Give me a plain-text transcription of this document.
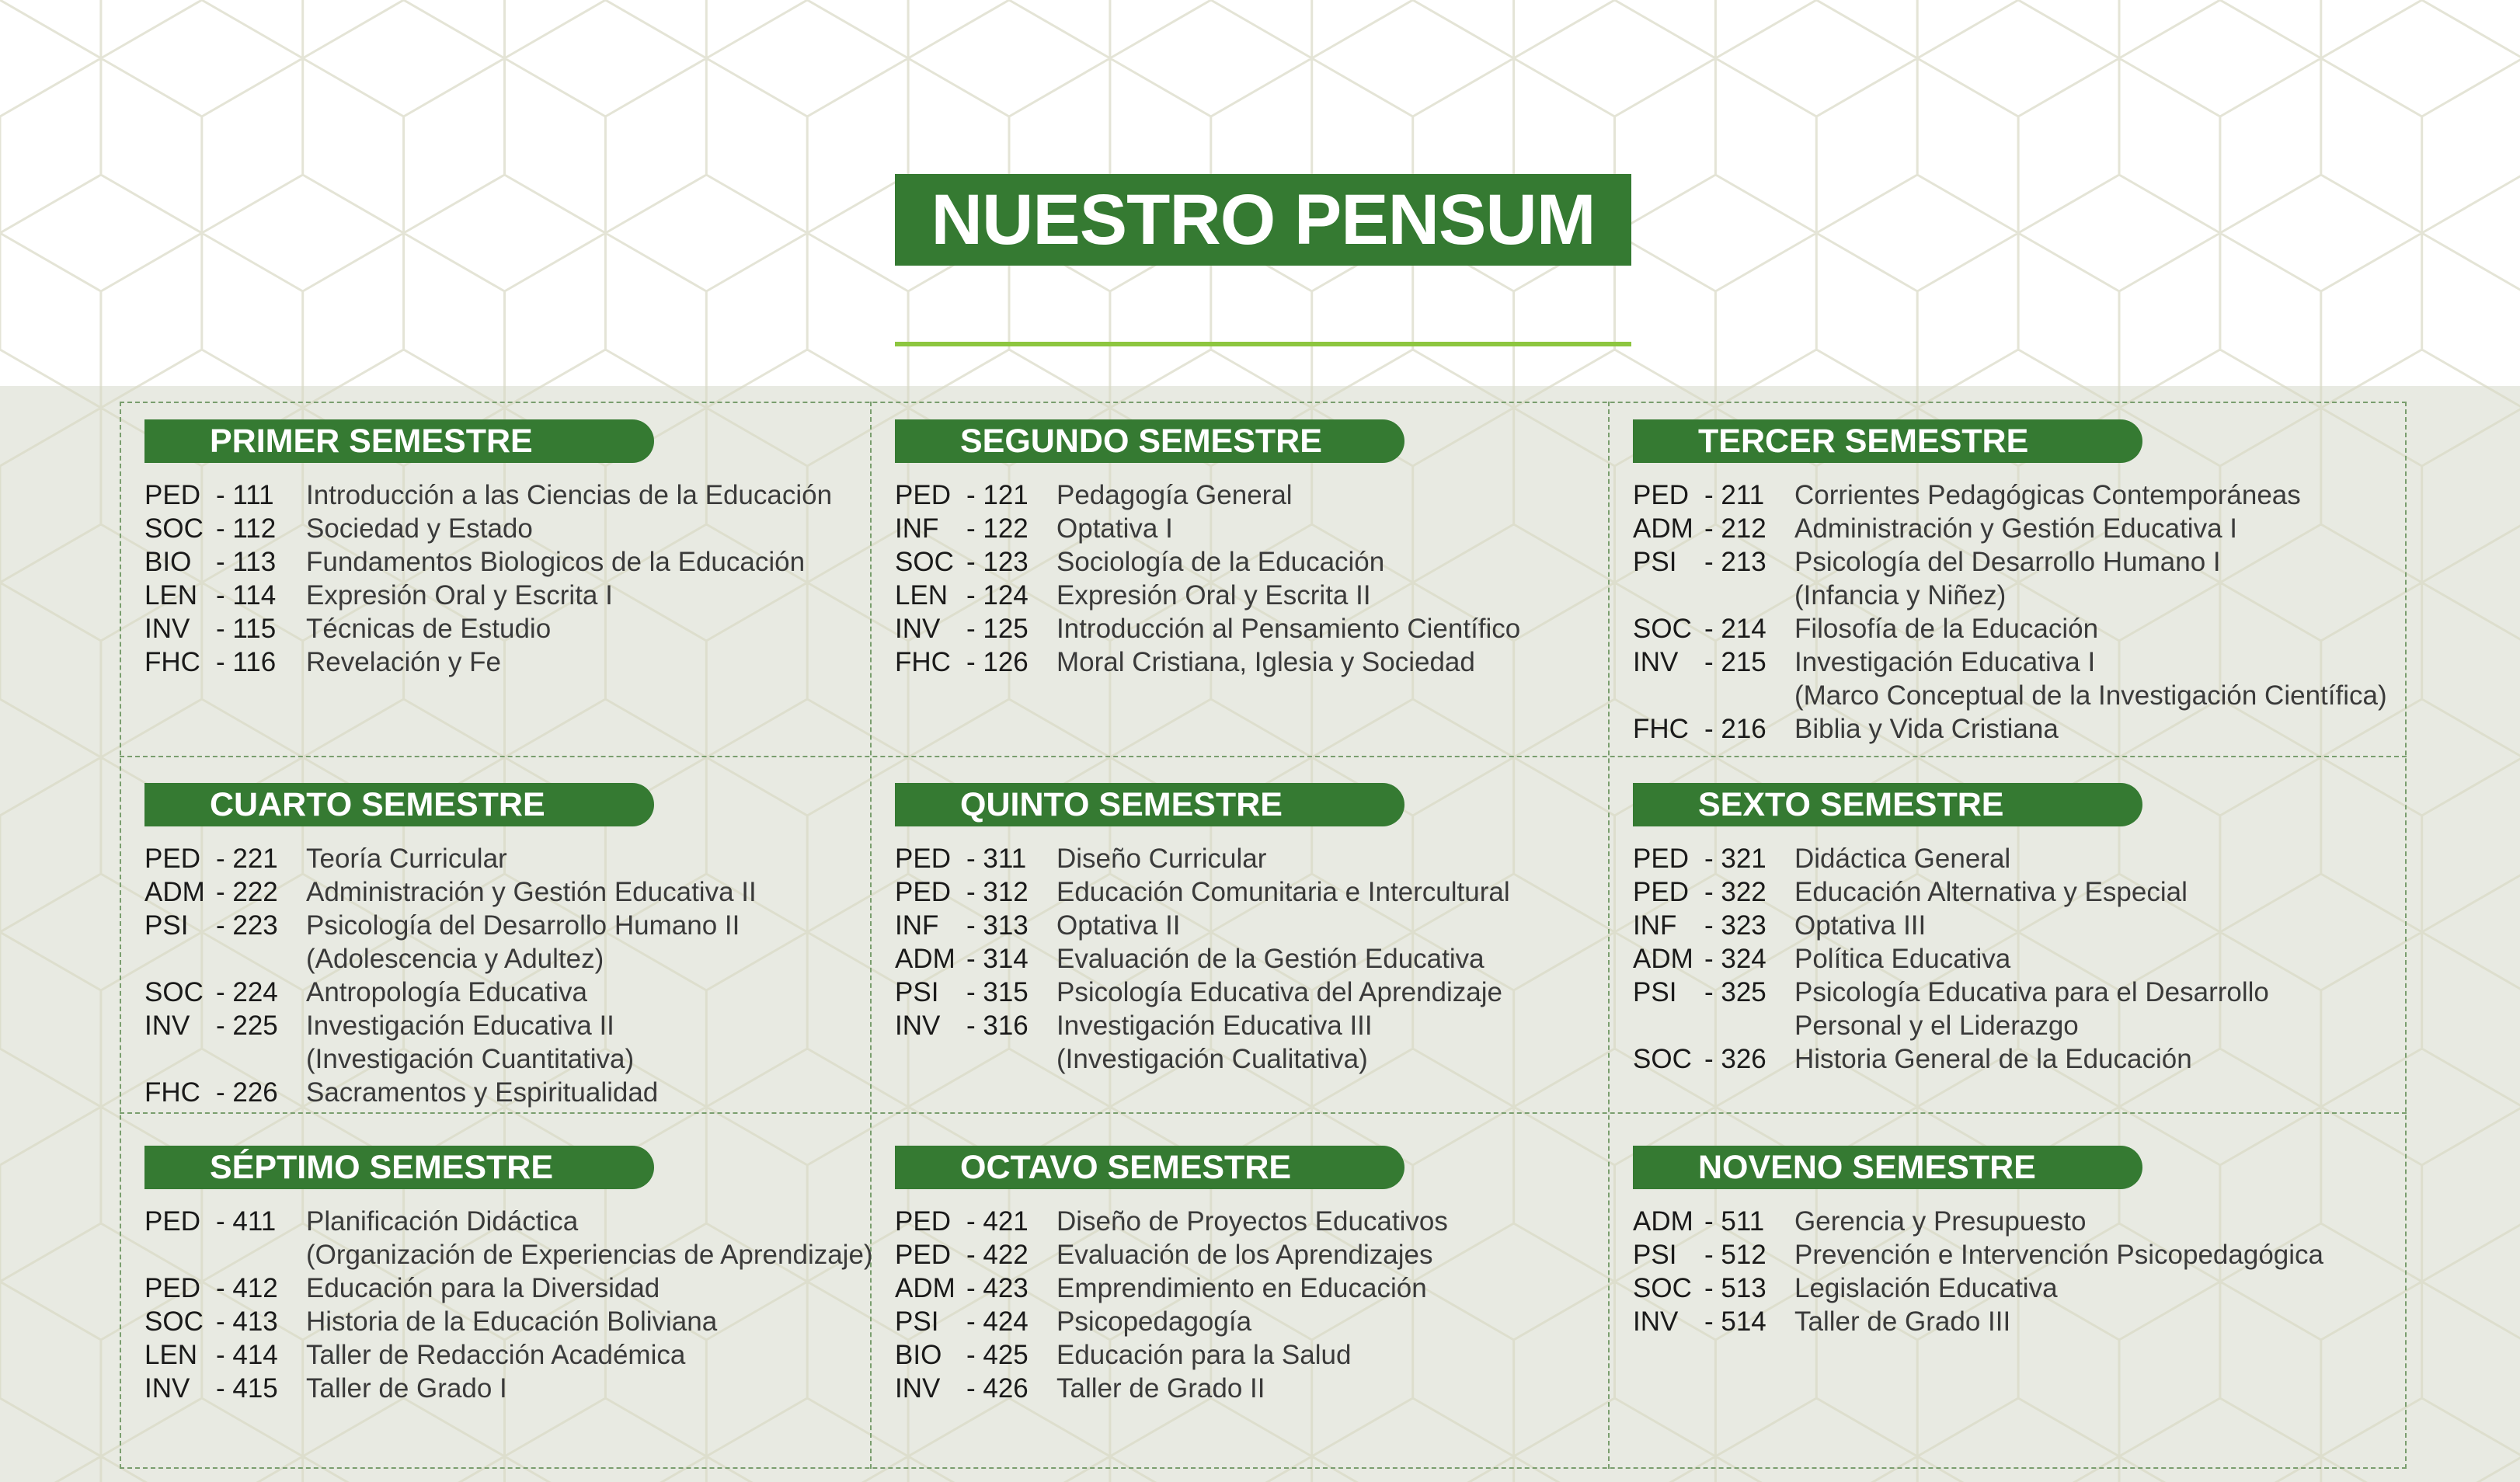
NUESTRO PENSUM
PRIMER SEMESTRE
PED - 111	Introducción a las Ciencias de la Educación
SOC - 112	Sociedad y Estado
BIO - 113	Fundamentos Biologicos de la Educación
LEN - 114	Expresión Oral y Escrita I
INV - 115	Técnicas de Estudio
FHC - 116	Revelación y Fe
SEGUNDO SEMESTRE
PED - 121	Pedagogía General
INF	- 122	Optativa I
SOC - 123	Sociología de la Educación
LEN - 124	Expresión Oral y Escrita II
INV - 125	Introducción al Pensamiento Científico
FHC - 126	Moral Cristiana, Iglesia y Sociedad
TERCER SEMESTRE
PED - 211	Corrientes Pedagógicas Contemporáneas
ADM - 212	Administración y Gestión Educativa I
PSI	- 213	Psicología del Desarrollo Humano I
(Infancia y Niñez)
SOC - 214	Filosofía de la Educación
INV - 215	Investigación Educativa I
(Marco Conceptual de la Investigación Científica)
FHC - 216	Biblia y Vida Cristiana
CUARTO SEMESTRE
PED - 221	Teoría Curricular
ADM - 222	Administración y Gestión Educativa II
PSI	- 223	Psicología del Desarrollo Humano II
(Adolescencia y Adultez)
SOC - 224	Antropología Educativa
INV - 225	Investigación Educativa II
(Investigación Cuantitativa)
FHC - 226	Sacramentos y Espiritualidad
QUINTO SEMESTRE
PED - 311	Diseño Curricular
PED - 312	Educación Comunitaria e Intercultural
INF	- 313	Optativa II
ADM - 314	Evaluación de la Gestión Educativa
PSI	- 315	Psicología Educativa del Aprendizaje
INV - 316	Investigación Educativa III
(Investigación Cualitativa)
SEXTO SEMESTRE
PED - 321	Didáctica General
PED - 322	Educación Alternativa y Especial
INF	- 323	Optativa III
ADM - 324	Política Educativa
PSI	- 325	Psicología Educativa para el Desarrollo
Personal y el Liderazgo
SOC - 326	Historia General de la Educación
SÉPTIMO SEMESTRE
PED - 411	Planificación Didáctica
(Organización de Experiencias de Aprendizaje)
PED - 412	Educación para la Diversidad
SOC - 413	Historia de la Educación Boliviana
LEN - 414	Taller de Redacción Académica
INV - 415	Taller de Grado I
OCTAVO SEMESTRE
PED - 421	Diseño de Proyectos Educativos
PED - 422	Evaluación de los Aprendizajes
ADM - 423	Emprendimiento en Educación
PSI	- 424	Psicopedagogía
BIO - 425	Educación para la Salud
INV - 426	Taller de Grado II
NOVENO SEMESTRE
ADM - 511	Gerencia y Presupuesto
PSI	- 512	Prevención e Intervención Psicopedagógica
SOC - 513	Legislación Educativa
INV - 514	Taller de Grado III
